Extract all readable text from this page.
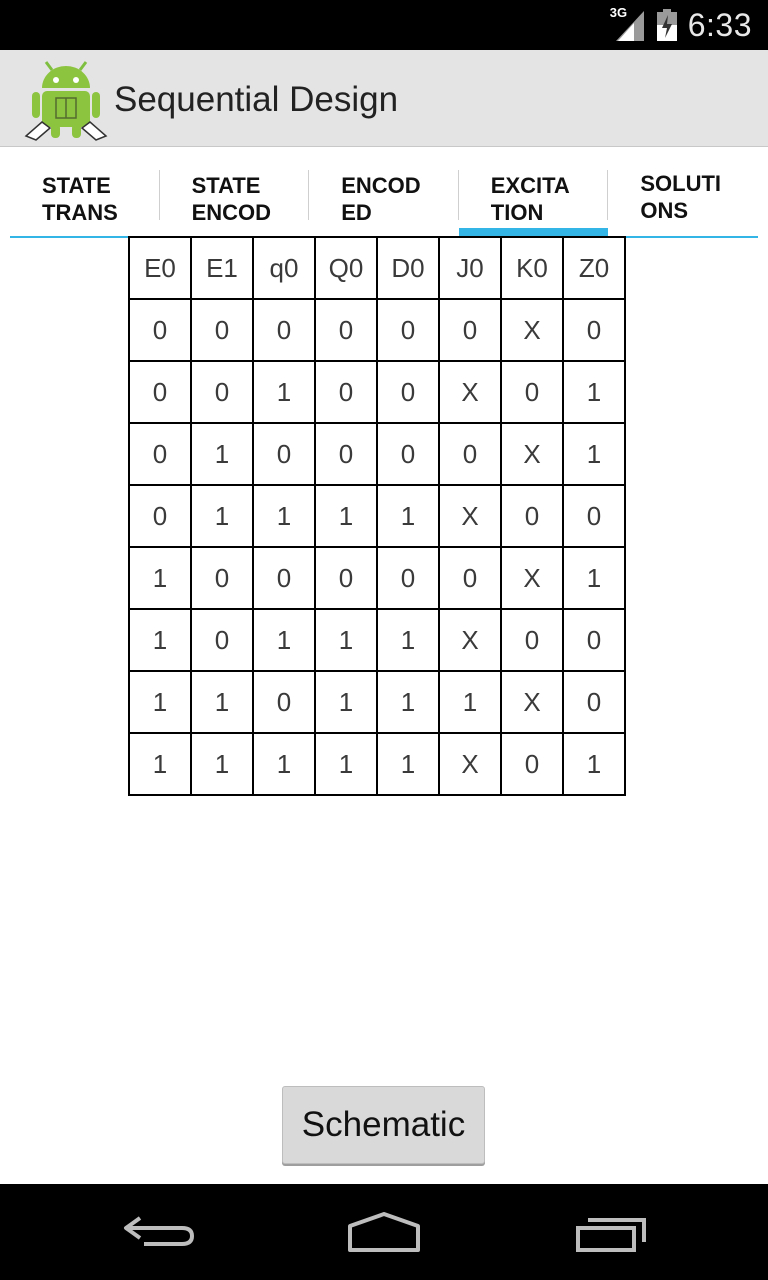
3G 6:33
Sequential Design
STATE
TRANS
STATE
ENCOD
ENCOD
ED
EXCITA
TION
SOLUTI
ONS
E0	E1	q0	Q0	D0	J0	K0	Z0
0	0	0	0	0	0	X	0
0	0	1	0	0	X	0	1
0	1	0	0	0	0	X	1
0	1	1	1	1	X	0	0
1	0	0	0	0	0	X	1
1	0	1	1	1	X	0	0
1	1	0	1	1	1	X	0
1	1	1	1	1	X	0	1
Schematic
